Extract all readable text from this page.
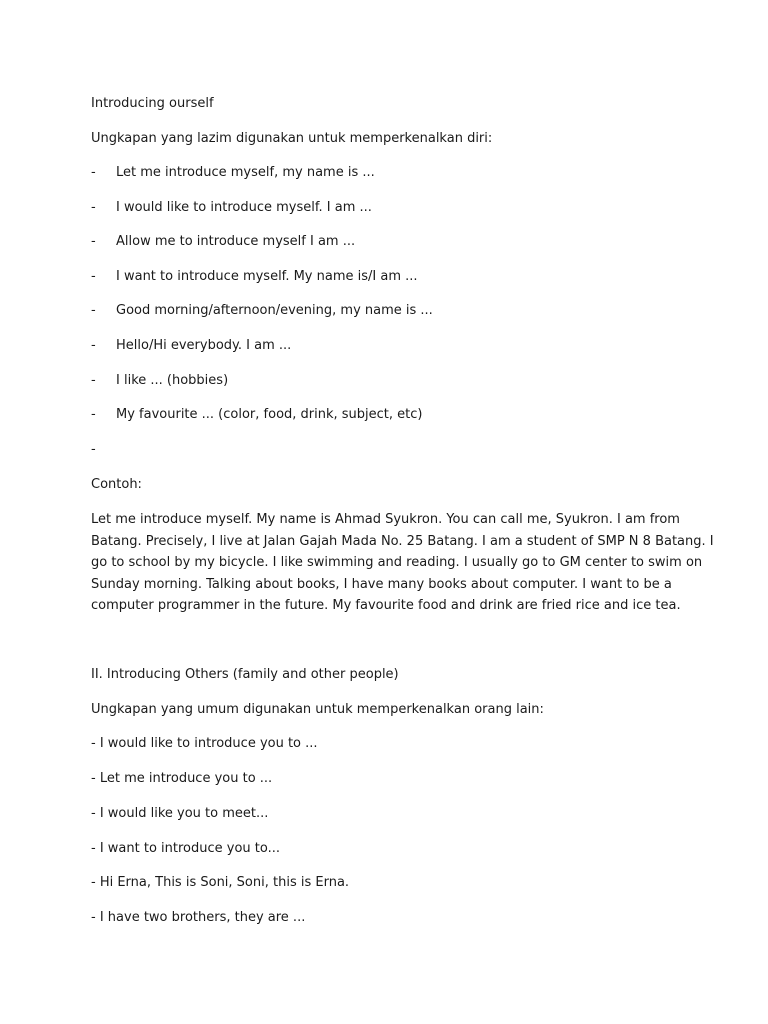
Introducing ourself
Ungkapan yang lazim digunakan untuk memperkenalkan diri:
- Let me introduce myself, my name is ...
- I would like to introduce myself. I am ...
- Allow me to introduce myself I am ...
- I want to introduce myself. My name is/I am ...
- Good morning/afternoon/evening, my name is ...
- Hello/Hi everybody. I am ...
- I like ... (hobbies)
- My favourite ... (color, food, drink, subject, etc)
-
Contoh:
Let me introduce myself. My name is Ahmad Syukron. You can call me, Syukron. I am from
Batang. Precisely, I live at Jalan Gajah Mada No. 25 Batang. I am a student of SMP N 8 Batang. I
go to school by my bicycle. I like swimming and reading. I usually go to GM center to swim on
Sunday morning. Talking about books, I have many books about computer. I want to be a
computer programmer in the future. My favourite food and drink are fried rice and ice tea.
II. Introducing Others (family and other people)
Ungkapan yang umum digunakan untuk memperkenalkan orang lain:
- I would like to introduce you to ...
- Let me introduce you to ...
- I would like you to meet...
- I want to introduce you to...
- Hi Erna, This is Soni, Soni, this is Erna.
- I have two brothers, they are ...
